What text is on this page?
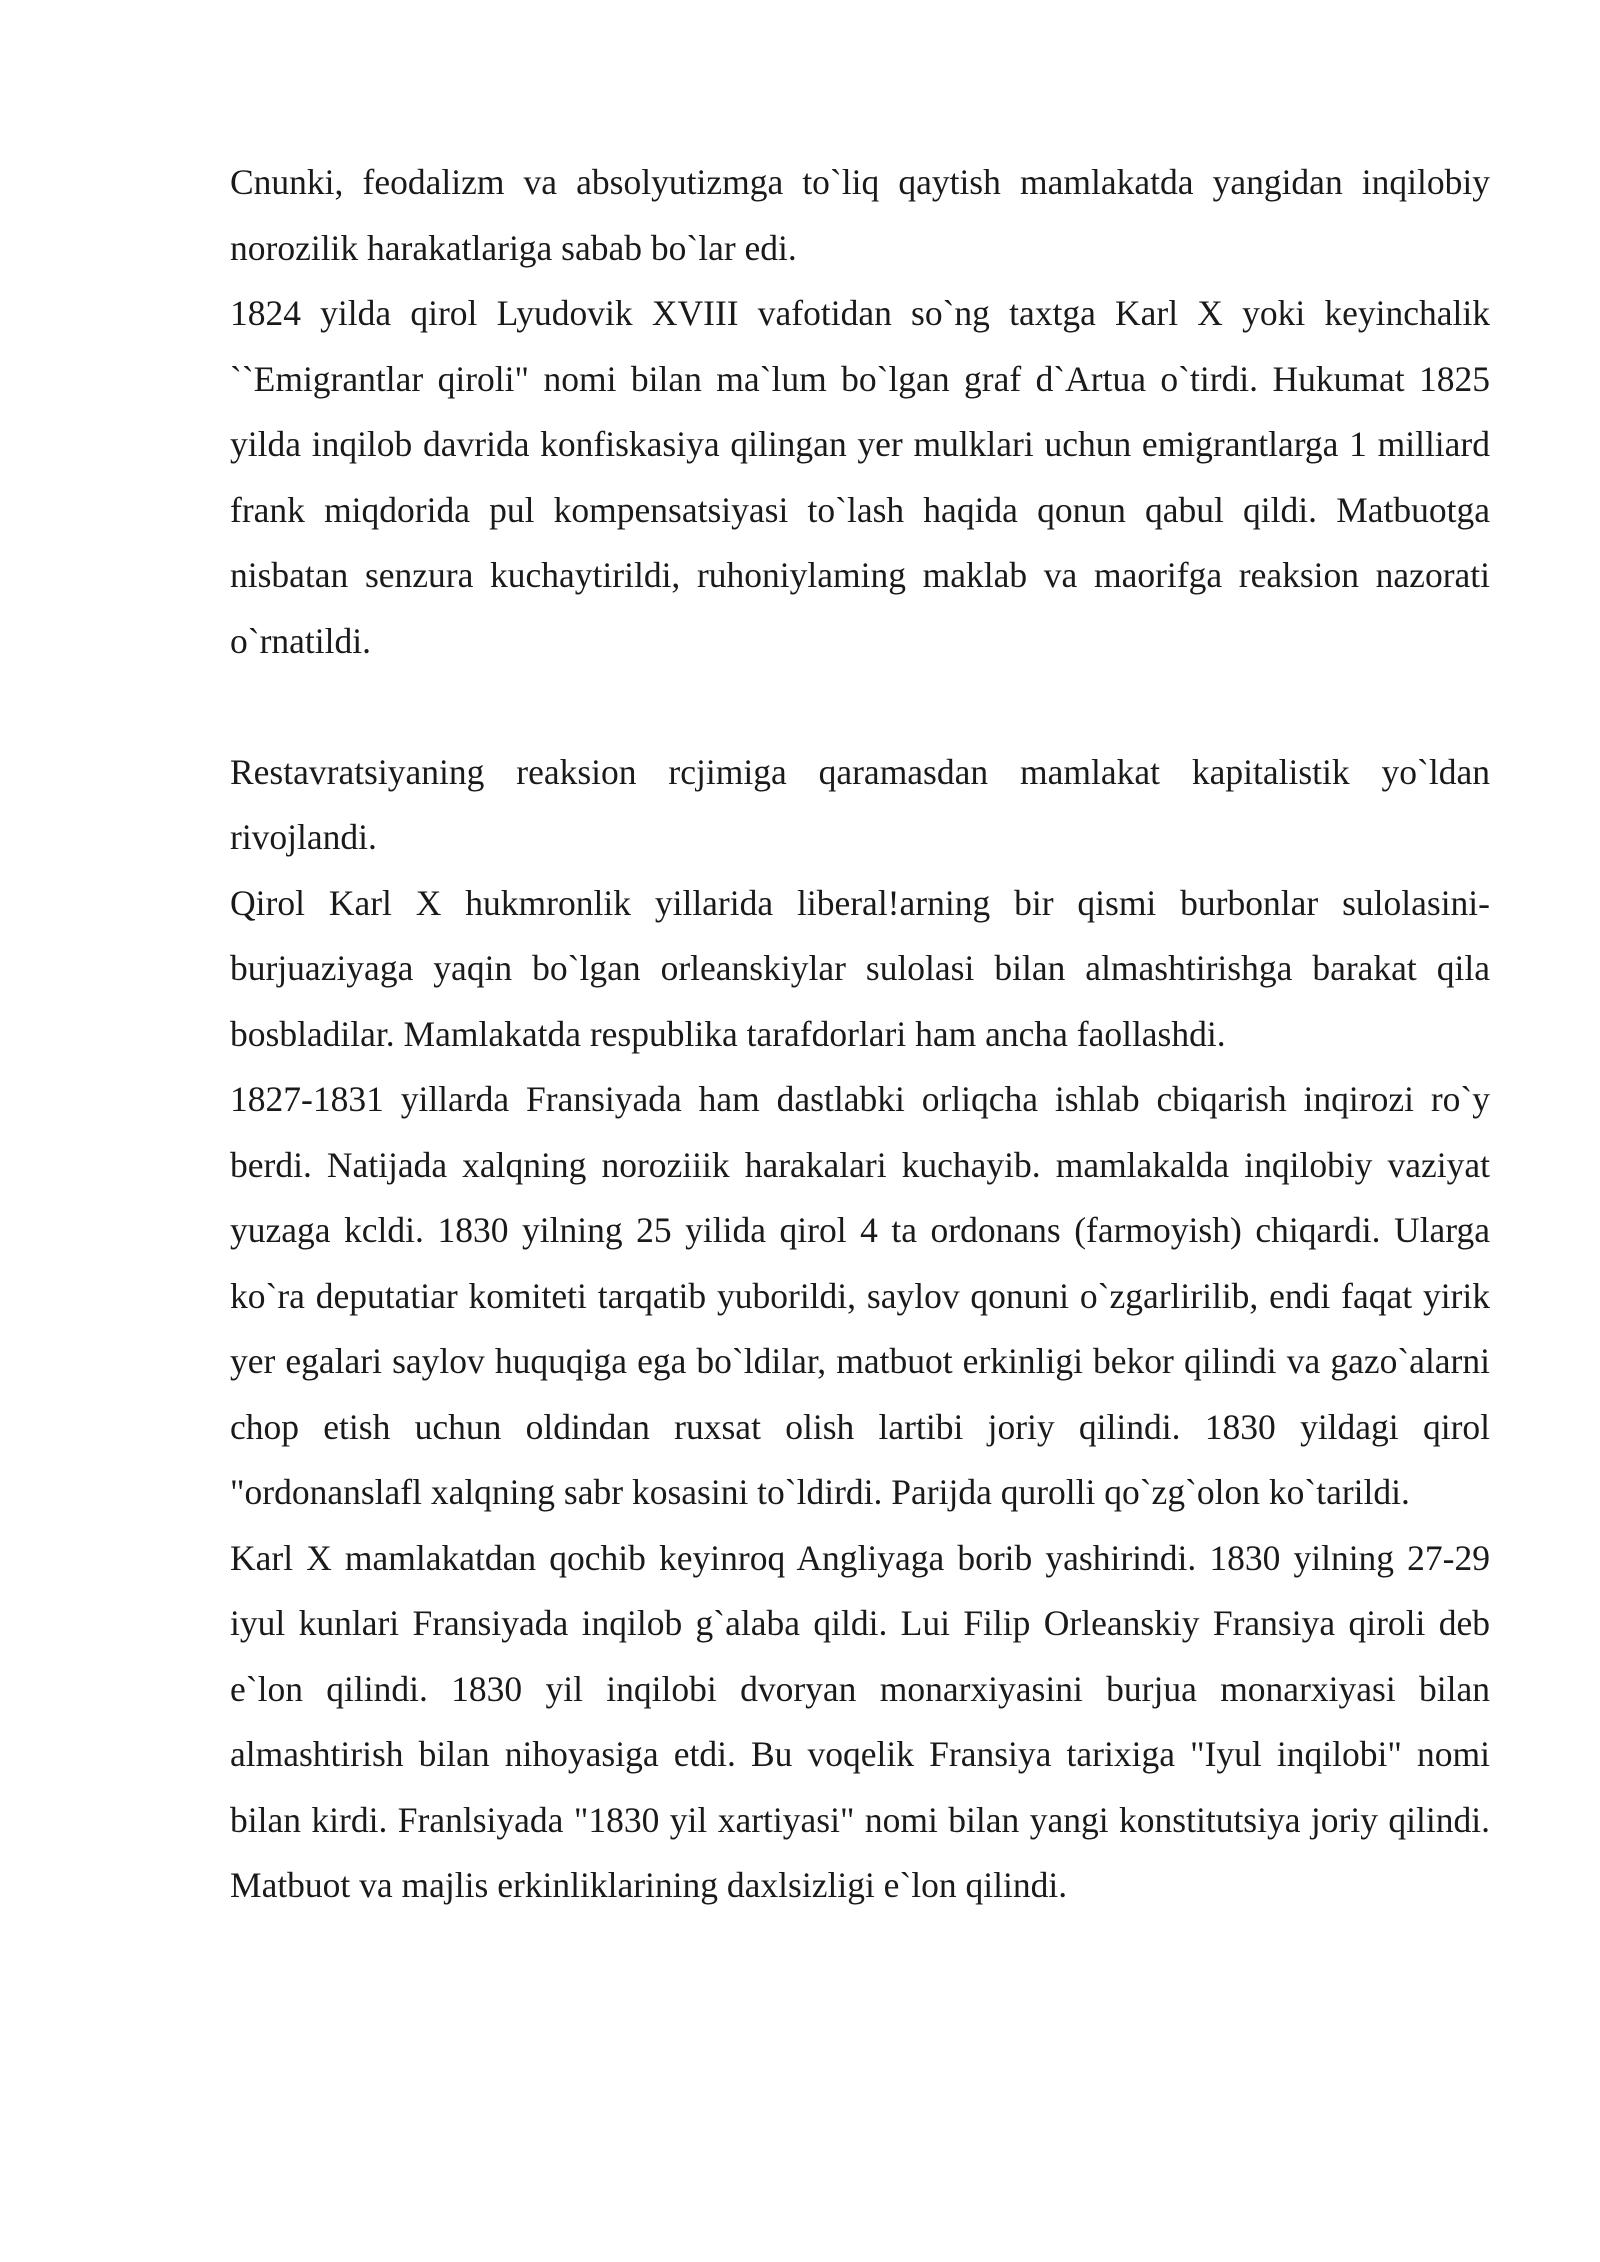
Cnunki, feodalizm va absolyutizmga to`liq qaytish mamlakatda yangidan inqilobiy norozilik harakatlariga sabab bo`lar edi.

1824 yilda qirol Lyudovik XVIII vafotidan so`ng taxtga Karl X yoki keyinchalik ``Emigrantlar qiroli" nomi bilan ma`lum bo`lgan graf d`Artua o`tirdi. Hukumat 1825 yilda inqilob davrida konfiskasiya qilingan yer mulklari uchun emigrantlarga 1 milliard frank miqdorida pul kompensatsiyasi to`lash haqida qonun qabul qildi. Matbuotga nisbatan senzura kuchaytirildi, ruhoniylaming maklab va maorifga reaksion nazorati o`rnatildi.

Restavratsiyaning reaksion rcjimiga qaramasdan mamlakat kapitalistik yo`ldan rivojlandi.

Qirol Karl X hukmronlik yillarida liberal!arning bir qismi burbonlar sulolasini-burjuaziyaga yaqin bo`lgan orleanskiylar sulolasi bilan almashtirishga barakat qila bosbladilar. Mamlakatda respublika tarafdorlari ham ancha faollashdi.

1827-1831 yillarda Fransiyada ham dastlabki orliqcha ishlab cbiqarish inqirozi ro`y berdi. Natijada xalqning noroziiik harakalari kuchayib. mamlakalda inqilobiy vaziyat yuzaga kcldi. 1830 yilning 25 yilida qirol 4 ta ordonans (farmoyish) chiqardi. Ularga ko`ra deputatiar komiteti tarqatib yuborildi, saylov qonuni o`zgarlirilib, endi faqat yirik yer egalari saylov huquqiga ega bo`ldilar, matbuot erkinligi bekor qilindi va gazo`alarni chop etish uchun oldindan ruxsat olish lartibi joriy qilindi. 1830 yildagi qirol "ordonanslafl xalqning sabr kosasini to`ldirdi. Parijda qurolli qo`zg`olon ko`tarildi.

Karl X mamlakatdan qochib keyinroq Angliyaga borib yashirindi. 1830 yilning 27-29 iyul kunlari Fransiyada inqilob g`alaba qildi. Lui Filip Orleanskiy Fransiya qiroli deb e`lon qilindi. 1830 yil inqilobi dvoryan monarxiyasini burjua monarxiyasi bilan almashtirish bilan nihoyasiga etdi. Bu voqelik Fransiya tarixiga "Iyul inqilobi" nomi bilan kirdi. Franlsiyada "1830 yil xartiyasi" nomi bilan yangi konstitutsiya joriy qilindi. Matbuot va majlis erkinliklarining daxlsizligi e`lon qilindi.
